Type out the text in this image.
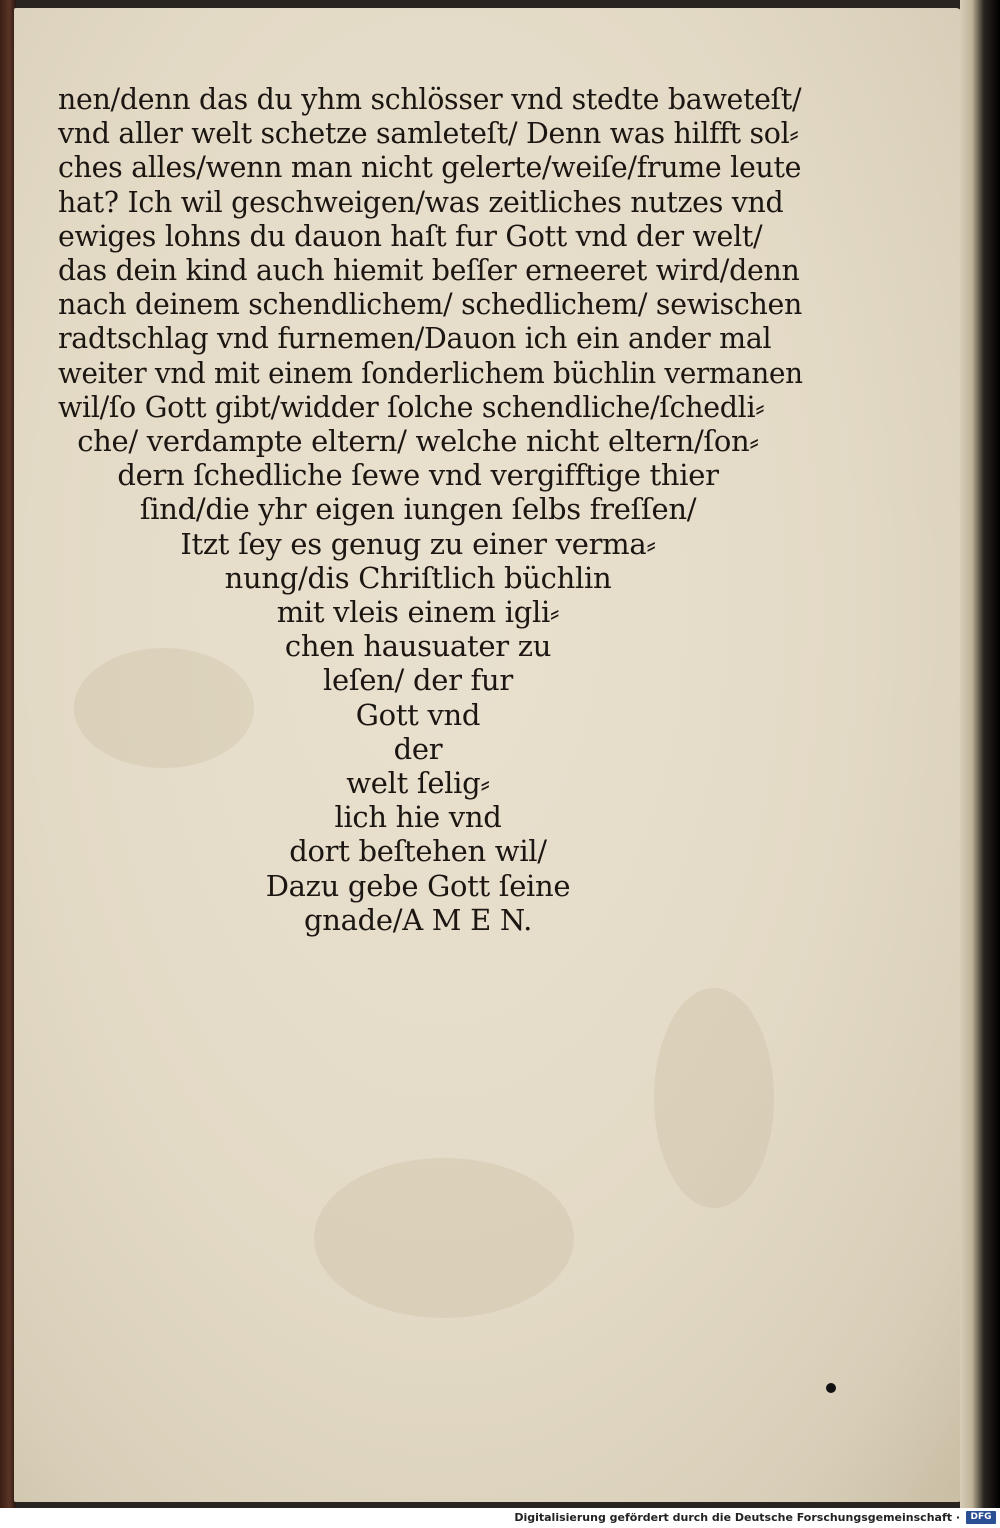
nen/denn das du yhm schlösser vnd stedte baweteſt/
vnd aller welt schetze samleteſt/ Denn was hilfft sol⸗
ches alles/wenn man nicht gelerte/weiſe/frume leute
hat? Ich wil geschweigen/was zeitliches nutzes vnd
ewiges lohns du dauon haſt fur Gott vnd der welt/
das dein kind auch hiemit beſſer erneeret wird/denn
nach deinem schendlichem/ schedlichem/ sewischen
radtschlag vnd furnemen/Dauon ich ein ander mal
weiter vnd mit einem ſonderlichem büchlin vermanen
wil/ſo Gott gibt/widder ſolche schendliche/ſchedli⸗
che/ verdampte eltern/ welche nicht eltern/ſon⸗
dern ſchedliche ſewe vnd vergifftige thier
ſind/die yhr eigen iungen ſelbs freſſen/
Itzt ſey es genug zu einer verma⸗
nung/dis Chriſtlich büchlin
mit vleis einem igli⸗
chen hausuater zu
leſen/ der fur
Gott vnd
der
welt ſelig⸗
lich hie vnd
dort beſtehen wil/
Dazu gebe Gott ſeine
gnade/A M E N.
Digitalisierung gefördert durch die Deutsche Forschungsgemeinschaft ·	DFG
